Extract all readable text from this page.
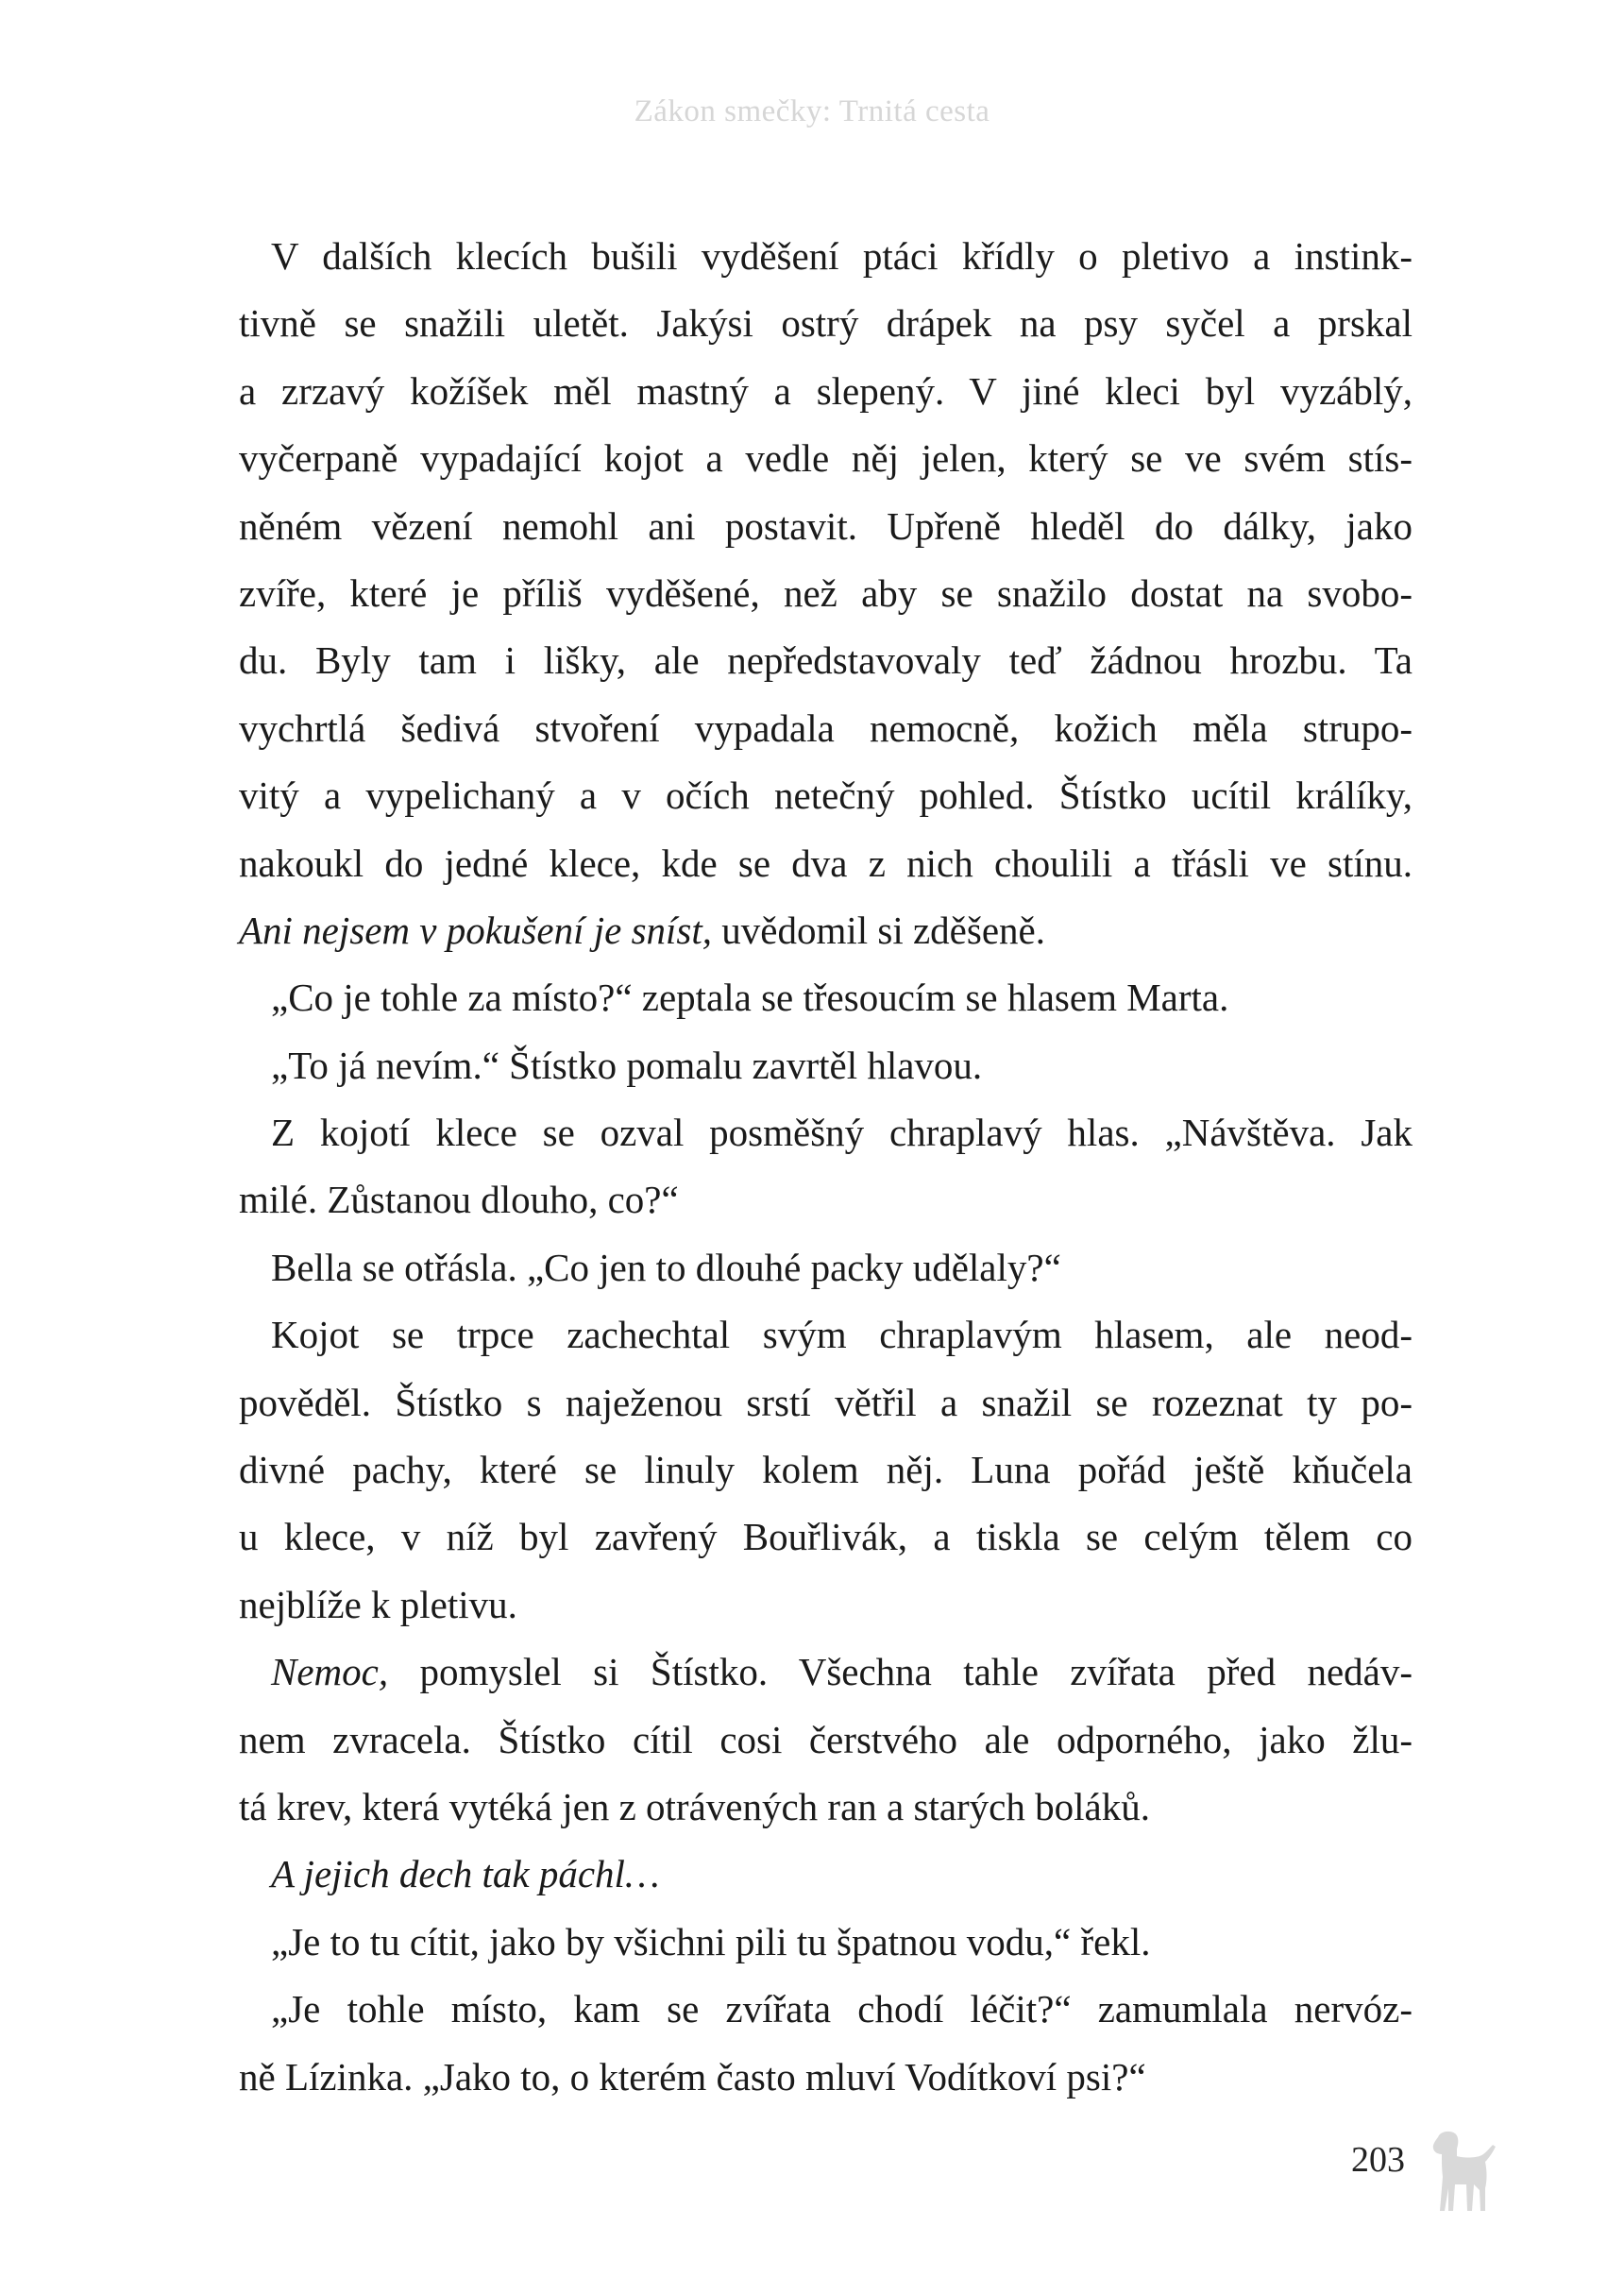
Zákon smečky: Trnitá cesta
V dalších klecích bušili vyděšení ptáci křídly o pletivo a instink-
tivně se snažili uletět. Jakýsi ostrý drápek na psy syčel a prskal
a zrzavý kožíšek měl mastný a slepený. V jiné kleci byl vyzáblý,
vyčerpaně vypadající kojot a vedle něj jelen, který se ve svém stís-
něném vězení nemohl ani postavit. Upřeně hleděl do dálky, jako
zvíře, které je příliš vyděšené, než aby se snažilo dostat na svobo-
du. Byly tam i lišky, ale nepředstavovaly teď žádnou hrozbu. Ta
vychrtlá šedivá stvoření vypadala nemocně, kožich měla strupo-
vitý a vypelichaný a v očích netečný pohled. Štístko ucítil králíky,
nakoukl do jedné klece, kde se dva z nich choulili a třásli ve stínu.
Ani nejsem v pokušení je sníst, uvědomil si zděšeně.
„Co je tohle za místo?“ zeptala se třesoucím se hlasem Marta.
„To já nevím.“ Štístko pomalu zavrtěl hlavou.
Z kojotí klece se ozval posměšný chraplavý hlas. „Návštěva. Jak
milé. Zůstanou dlouho, co?“
Bella se otřásla. „Co jen to dlouhé packy udělaly?“
Kojot se trpce zachechtal svým chraplavým hlasem, ale neod-
pověděl. Štístko s naježenou srstí větřil a snažil se rozeznat ty po-
divné pachy, které se linuly kolem něj. Luna pořád ještě kňučela
u klece, v níž byl zavřený Bouřlivák, a tiskla se celým tělem co
nejblíže k pletivu.
Nemoc, pomyslel si Štístko. Všechna tahle zvířata před nedáv-
nem zvracela. Štístko cítil cosi čerstvého ale odporného, jako žlu-
tá krev, která vytéká jen z otrávených ran a starých boláků.
A jejich dech tak páchl…
„Je to tu cítit, jako by všichni pili tu špatnou vodu,“ řekl.
„Je tohle místo, kam se zvířata chodí léčit?“ zamumlala nervóz-
ně Lízinka. „Jako to, o kterém často mluví Vodítkoví psi?“
203
